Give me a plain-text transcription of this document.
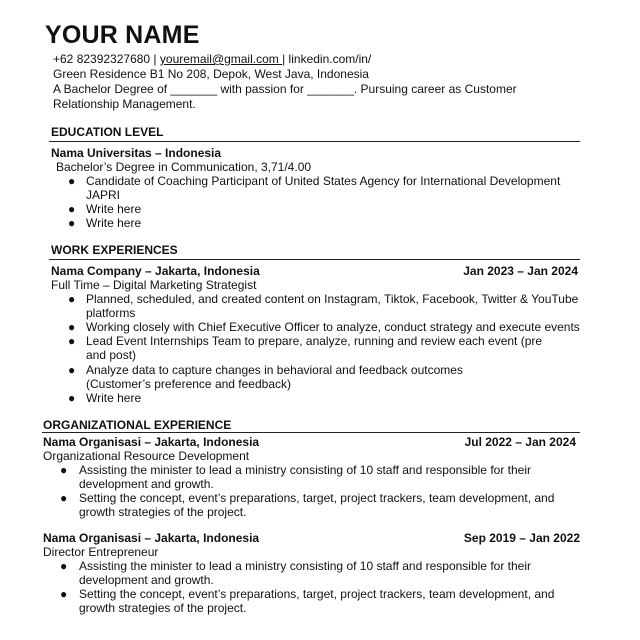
YOUR NAME
+62 82392327680 | youremail@gmail.com | linkedin.com/in/
Green Residence B1 No 208, Depok, West Java, Indonesia
A Bachelor Degree of _______ with passion for _______. Pursuing career as Customer
Relationship Management.
EDUCATION LEVEL
Nama Universitas – Indonesia
Bachelor’s Degree in Communication, 3,71/4.00
● Candidate of Coaching Participant of United States Agency for International Development
JAPRI
● Write here
● Write here
WORK EXPERIENCES
Nama Company – Jakarta, Indonesia	Jan 2023 – Jan 2024
Full Time – Digital Marketing Strategist
● Planned, scheduled, and created content on Instagram, Tiktok, Facebook, Twitter & YouTube
platforms
● Working closely with Chief Executive Officer to analyze, conduct strategy and execute events
● Lead Event Internships Team to prepare, analyze, running and review each event (pre
and post)
● Analyze data to capture changes in behavioral and feedback outcomes
(Customer’s preference and feedback)
● Write here
ORGANIZATIONAL EXPERIENCE
Nama Organisasi – Jakarta, Indonesia	Jul 2022 – Jan 2024
Organizational Resource Development
● Assisting the minister to lead a ministry consisting of 10 staff and responsible for their
development and growth.
● Setting the concept, event’s preparations, target, project trackers, team development, and
growth strategies of the project.
Nama Organisasi – Jakarta, Indonesia	Sep 2019 – Jan 2022
Director Entrepreneur
● Assisting the minister to lead a ministry consisting of 10 staff and responsible for their
development and growth.
● Setting the concept, event’s preparations, target, project trackers, team development, and
growth strategies of the project.
